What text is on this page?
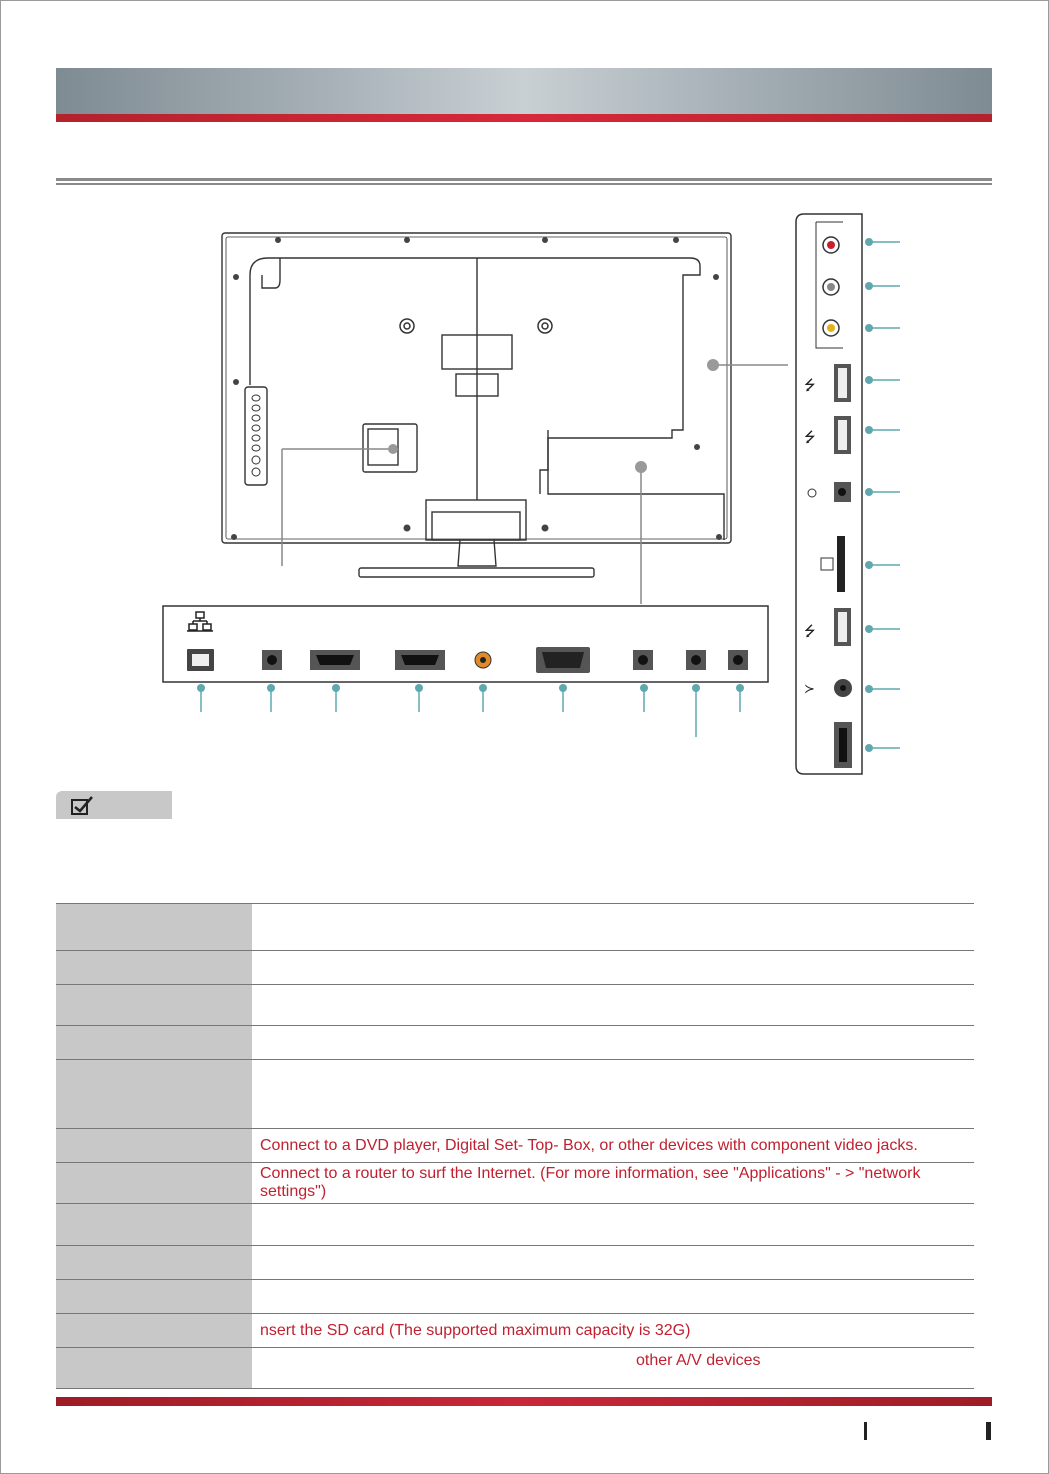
⭍
⭍
⭍
≻

	Connect to a DVD player, Digital Set- Top- Box, or other devices with component video jacks.
	Connect to a router to surf the Internet. (For more information, see "Applications" - > "network settings")

	nsert the SD card (The supported maximum capacity is 32G)
	other A/V devices
